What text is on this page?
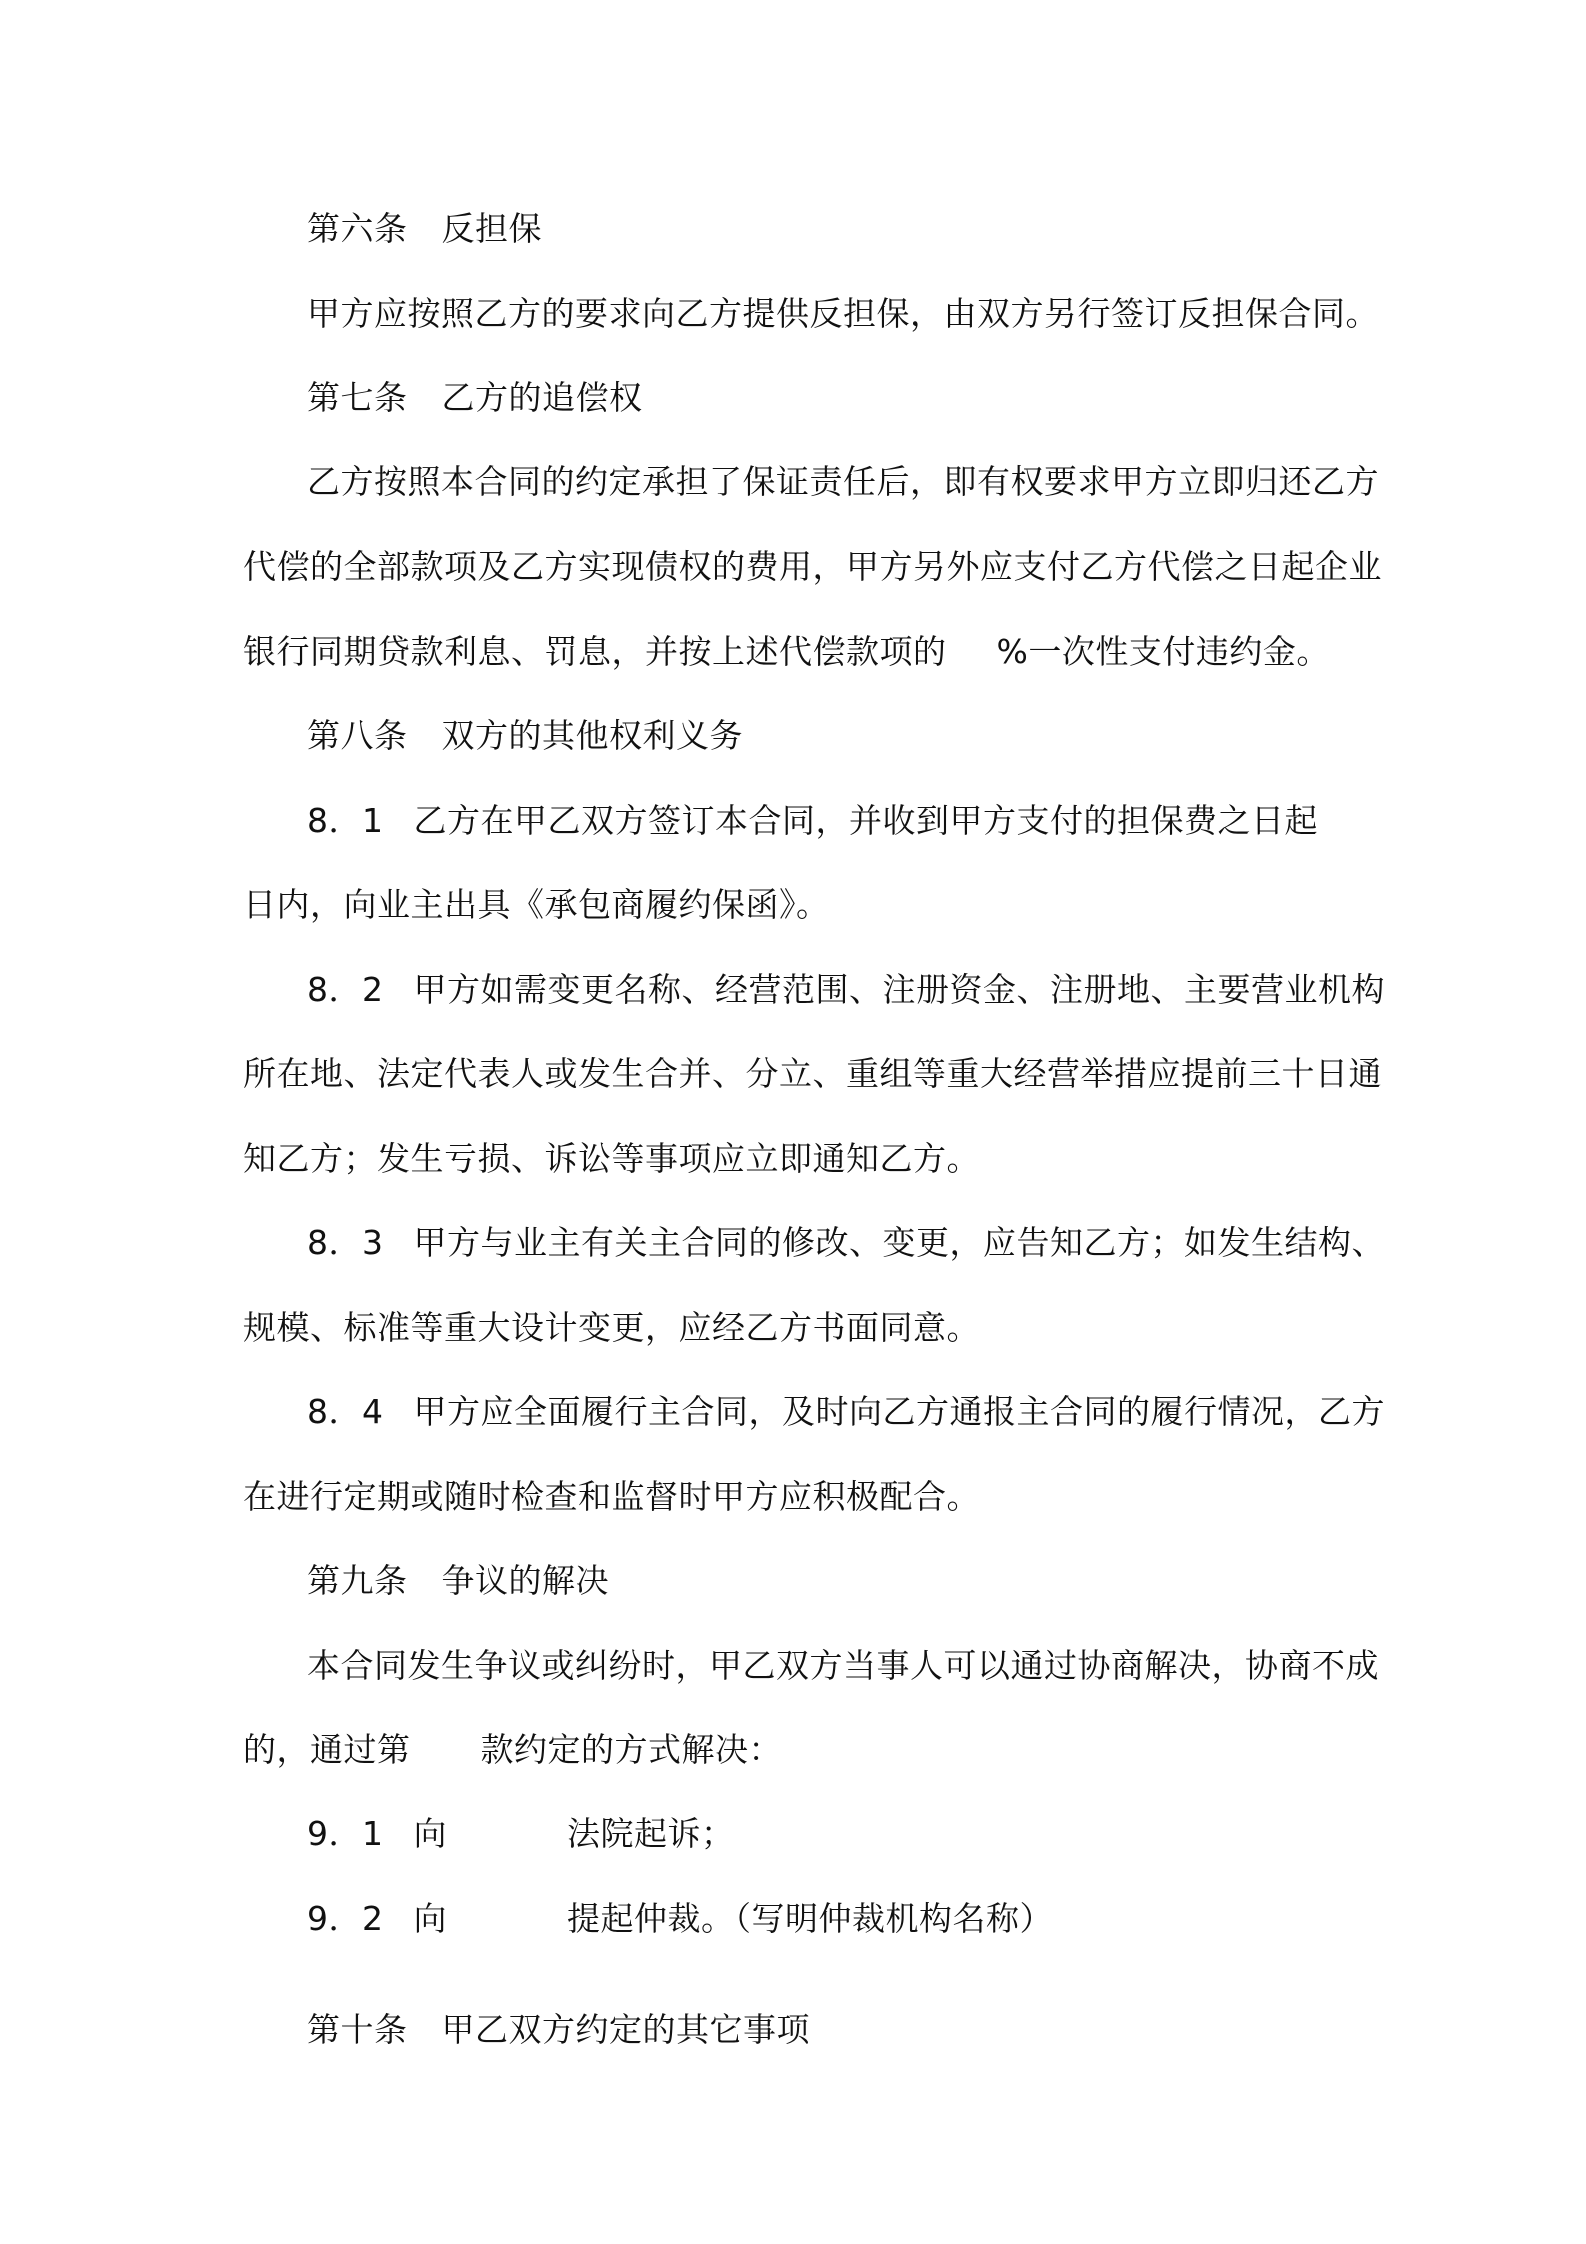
第六条 反担保
甲方应按照乙方的要求向乙方提供反担保，由双方另行签订反担保合同。
第七条 乙方的追偿权
乙方按照本合同的约定承担了保证责任后，即有权要求甲方立即归还乙方
代偿的全部款项及乙方实现债权的费用，甲方另外应支付乙方代偿之日起企业
银行同期贷款利息、罚息，并按上述代偿款项的 %一次性支付违约金。
第八条 双方的其他权利义务
8．1 乙方在甲乙双方签订本合同，并收到甲方支付的担保费之日起
日内，向业主出具《承包商履约保函》。
8．2 甲方如需变更名称、经营范围、注册资金、注册地、主要营业机构
所在地、法定代表人或发生合并、分立、重组等重大经营举措应提前三十日通
知乙方；发生亏损、诉讼等事项应立即通知乙方。
8．3 甲方与业主有关主合同的修改、变更，应告知乙方；如发生结构、
规模、标准等重大设计变更，应经乙方书面同意。
8．4 甲方应全面履行主合同，及时向乙方通报主合同的履行情况，乙方
在进行定期或随时检查和监督时甲方应积极配合。
第九条 争议的解决
本合同发生争议或纠纷时，甲乙双方当事人可以通过协商解决，协商不成
的，通过第 款约定的方式解决：
9．1 向	法院起诉；
9．2 向	提起仲裁。（写明仲裁机构名称）
第十条 甲乙双方约定的其它事项
